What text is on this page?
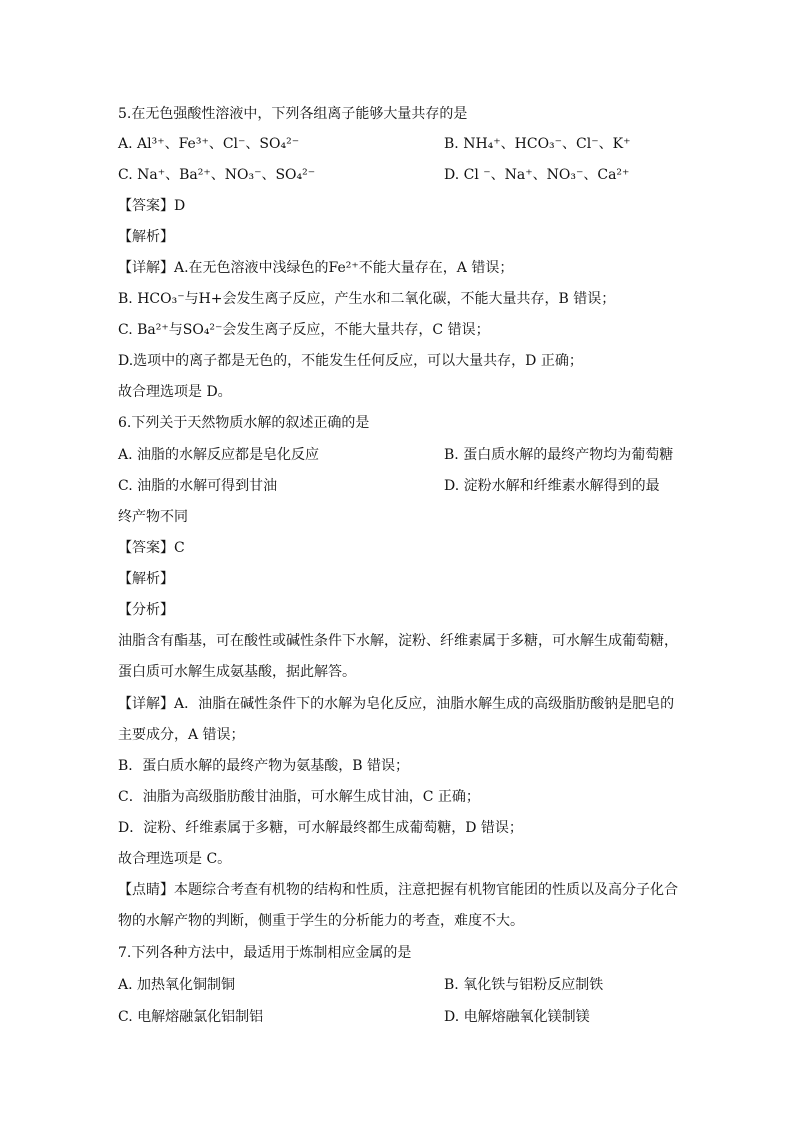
5.在无色强酸性溶液中，下列各组离子能够大量共存的是
A. Al³⁺、Fe³⁺、Cl⁻、SO₄²⁻	B. NH₄⁺、HCO₃⁻、Cl⁻、K⁺
C. Na⁺、Ba²⁺、NO₃⁻、SO₄²⁻	D. Cl ⁻、Na⁺、NO₃⁻、Ca²⁺
【答案】D
【解析】
【详解】A.在无色溶液中浅绿色的Fe²⁺不能大量存在，A 错误；
B. HCO₃⁻与H+会发生离子反应，产生水和二氧化碳，不能大量共存，B 错误；
C. Ba²⁺与SO₄²⁻会发生离子反应，不能大量共存，C 错误；
D.选项中的离子都是无色的，不能发生任何反应，可以大量共存，D 正确；
故合理选项是 D。
6.下列关于天然物质水解的叙述正确的是
A. 油脂的水解反应都是皂化反应	B. 蛋白质水解的最终产物均为葡萄糖
C. 油脂的水解可得到甘油	D. 淀粉水解和纤维素水解得到的最
终产物不同
【答案】C
【解析】
【分析】
油脂含有酯基，可在酸性或碱性条件下水解，淀粉、纤维素属于多糖，可水解生成葡萄糖，
蛋白质可水解生成氨基酸，据此解答。
【详解】A．油脂在碱性条件下的水解为皂化反应，油脂水解生成的高级脂肪酸钠是肥皂的
主要成分，A 错误；
B．蛋白质水解的最终产物为氨基酸，B 错误；
C．油脂为高级脂肪酸甘油脂，可水解生成甘油，C 正确；
D．淀粉、纤维素属于多糖，可水解最终都生成葡萄糖，D 错误；
故合理选项是 C。
【点睛】本题综合考查有机物的结构和性质，注意把握有机物官能团的性质以及高分子化合
物的水解产物的判断，侧重于学生的分析能力的考查，难度不大。
7.下列各种方法中，最适用于炼制相应金属的是
A. 加热氧化铜制铜	B. 氧化铁与铝粉反应制铁
C. 电解熔融氯化铝制铝	D. 电解熔融氧化镁制镁
